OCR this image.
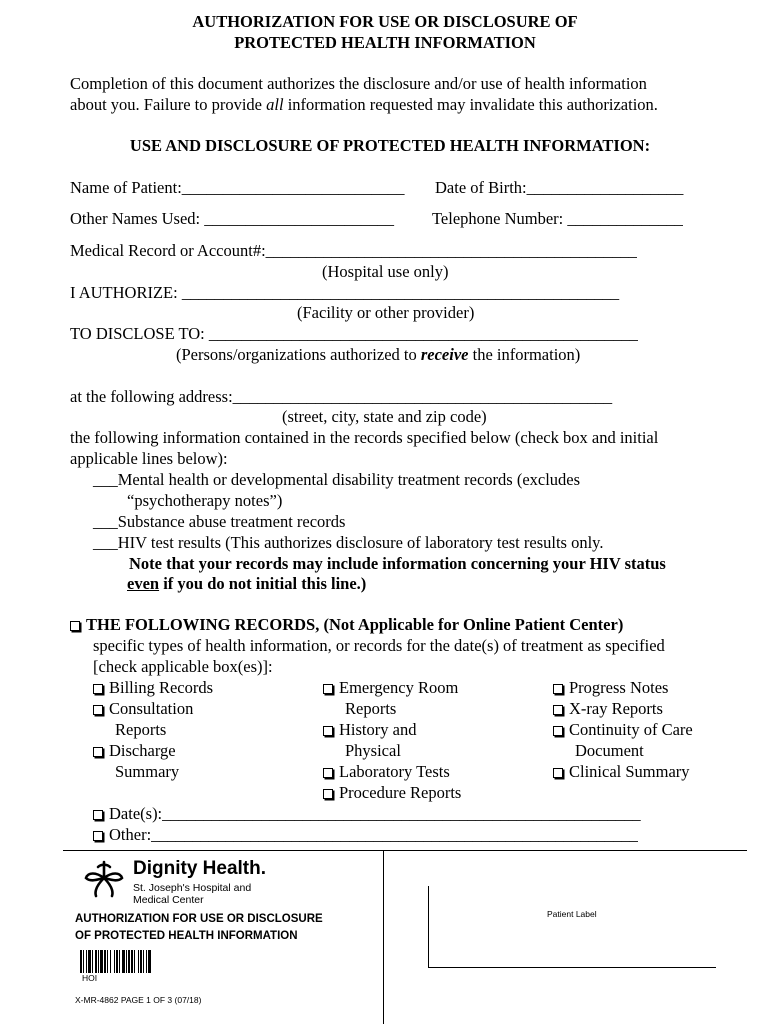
AUTHORIZATION FOR USE OR DISCLOSURE OF
PROTECTED HEALTH INFORMATION
Completion of this document authorizes the disclosure and/or use of health information
about you. Failure to provide all information requested may invalidate this authorization.
USE AND DISCLOSURE OF PROTECTED HEALTH INFORMATION:
Name of Patient:___________________________ Date of Birth:___________________
Other Names Used: _______________________ Telephone Number: ______________
Medical Record or Account#:_____________________________________________
(Hospital use only)
I AUTHORIZE: _____________________________________________________
(Facility or other provider)
TO DISCLOSE TO: ____________________________________________________
(Persons/organizations authorized to receive the information)
at the following address:______________________________________________
(street, city, state and zip code)
the following information contained in the records specified below (check box and initial
applicable lines below):
___Mental health or developmental disability treatment records (excludes
“psychotherapy notes”)
___Substance abuse treatment records
___HIV test results (This authorizes disclosure of laboratory test results only.
Note that your records may include information concerning your HIV status
even if you do not initial this line.)
THE FOLLOWING RECORDS, (Not Applicable for Online Patient Center)
specific types of health information, or records for the date(s) of treatment as specified
[check applicable box(es)]:
Billing Records
Consultation
Reports
Discharge
Summary
Emergency Room
Reports
History and
Physical
Laboratory Tests
Procedure Reports
Progress Notes
X-ray Reports
Continuity of Care
Document
Clinical Summary
Date(s):__________________________________________________________
Other:___________________________________________________________
Dignity Health.
St. Joseph's Hospital and
Medical Center
AUTHORIZATION FOR USE OR DISCLOSURE
OF PROTECTED HEALTH INFORMATION
HOI
X-MR-4862 PAGE 1 OF 3 (07/18)
Patient Label
